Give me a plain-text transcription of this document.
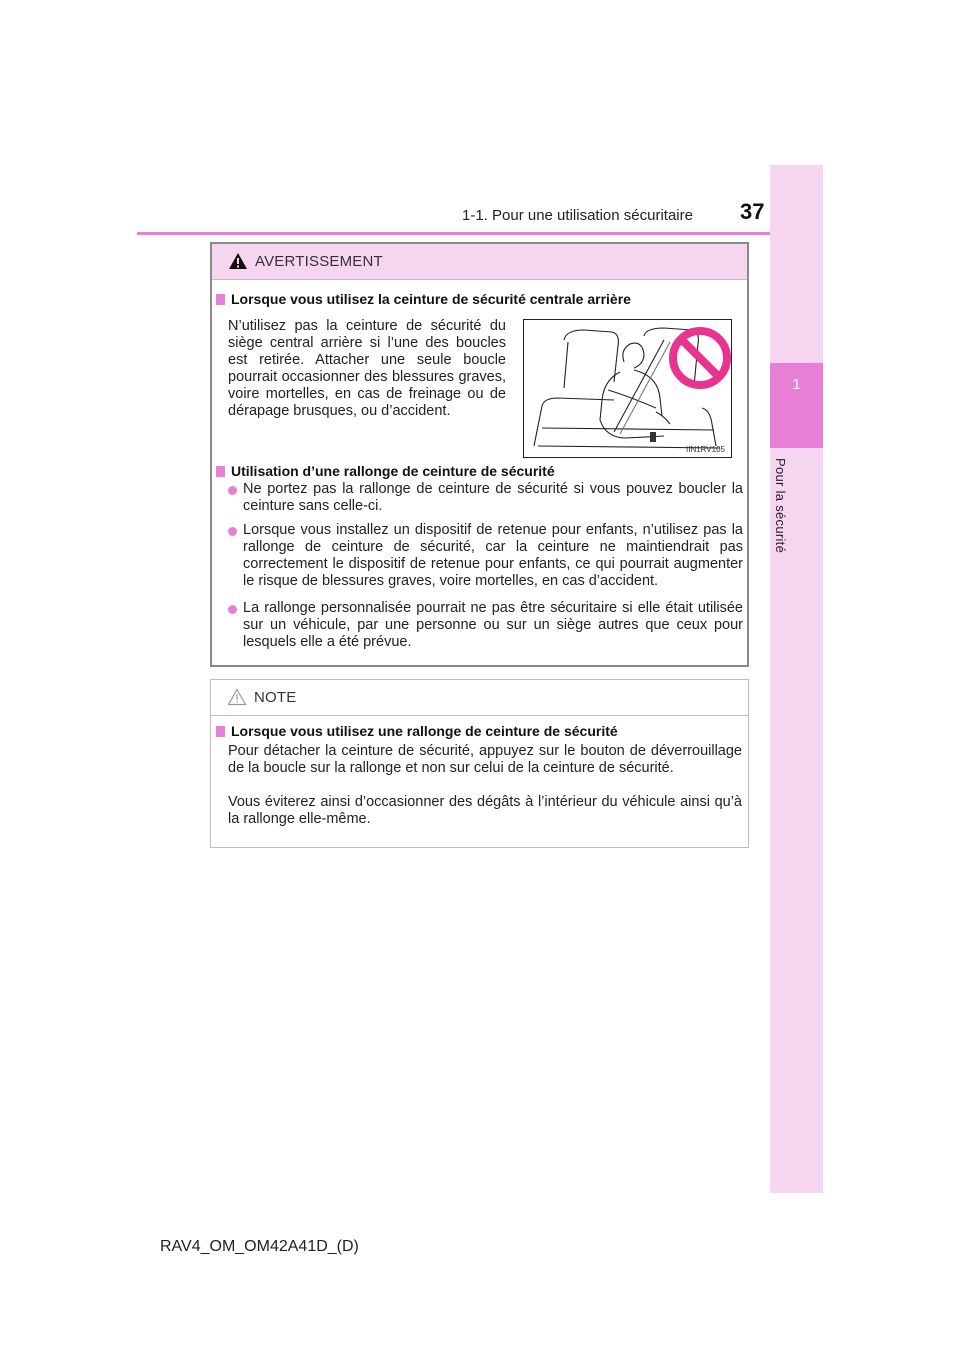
1-1. Pour une utilisation sécuritaire 37
1
Pour la sécurité
AVERTISSEMENT
Lorsque vous utilisez la ceinture de sécurité centrale arrière
N’utilisez pas la ceinture de sécurité du siège central arrière si l’une des boucles est retirée. Attacher une seule boucle pourrait occasionner des blessures graves, voire mortelles, en cas de freinage ou de dérapage brusques, ou d’accident.
IIN1RV105
Utilisation d’une rallonge de ceinture de sécurité
Ne portez pas la rallonge de ceinture de sécurité si vous pouvez boucler la ceinture sans celle-ci.
Lorsque vous installez un dispositif de retenue pour enfants, n’utilisez pas la rallonge de ceinture de sécurité, car la ceinture ne maintiendrait pas correctement le dispositif de retenue pour enfants, ce qui pourrait augmenter le risque de blessures graves, voire mortelles, en cas d’accident.
La rallonge personnalisée pourrait ne pas être sécuritaire si elle était utilisée sur un véhicule, par une personne ou sur un siège autres que ceux pour lesquels elle a été prévue.
NOTE
Lorsque vous utilisez une rallonge de ceinture de sécurité
Pour détacher la ceinture de sécurité, appuyez sur le bouton de déverrouillage de la boucle sur la rallonge et non sur celui de la ceinture de sécurité.
Vous éviterez ainsi d’occasionner des dégâts à l’intérieur du véhicule ainsi qu’à la rallonge elle-même.
RAV4_OM_OM42A41D_(D)
